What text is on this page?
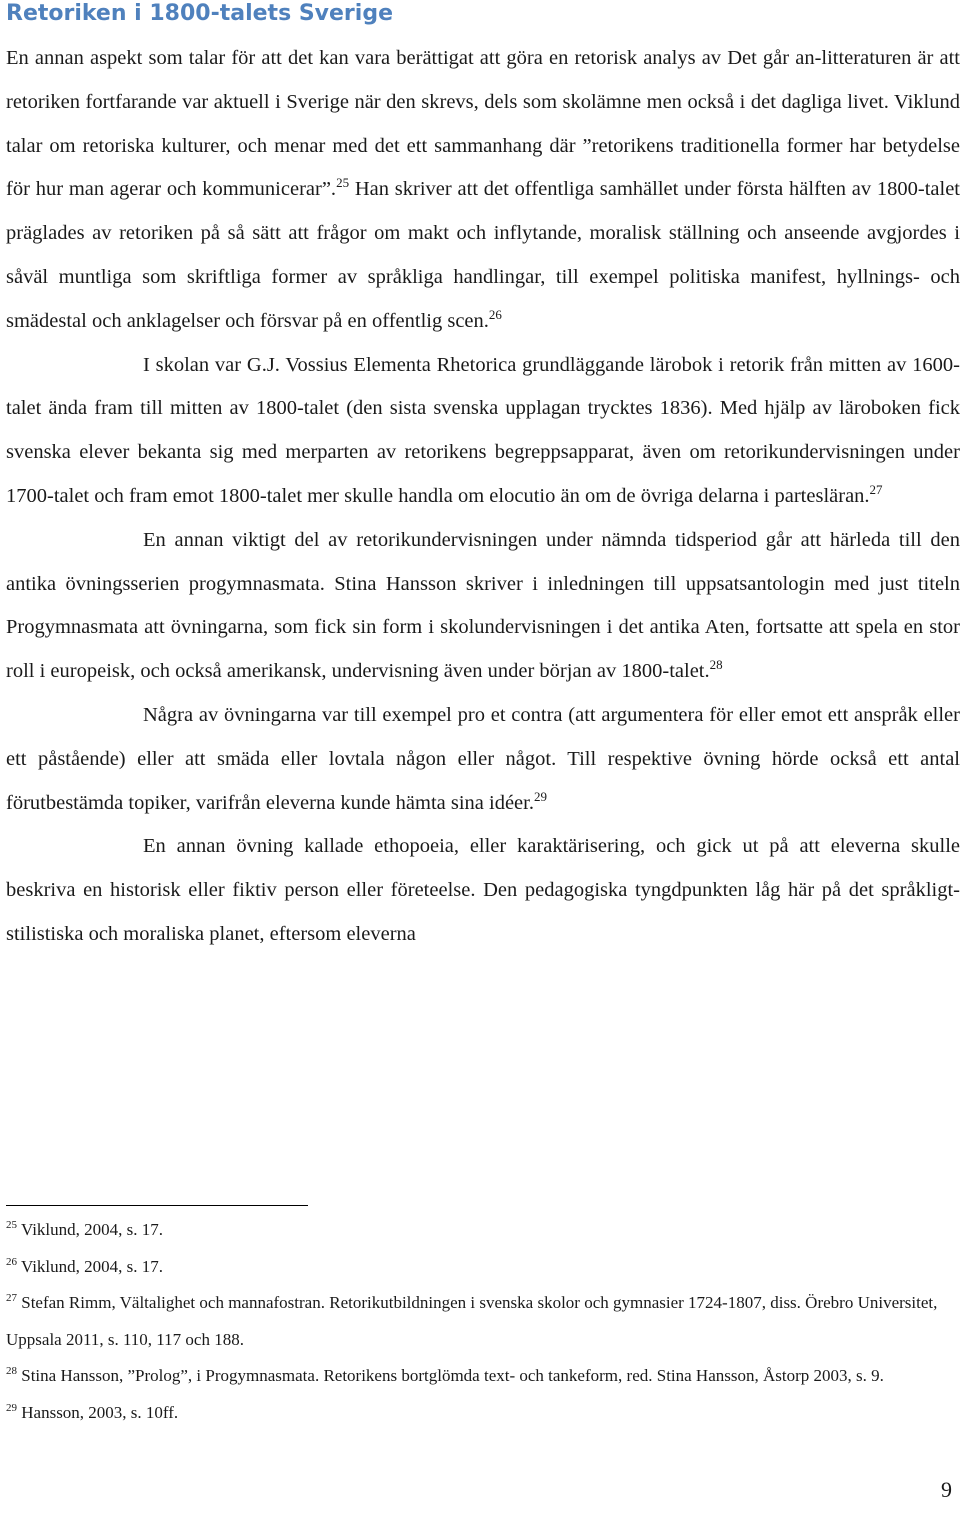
Retoriken i 1800-talets Sverige

En annan aspekt som talar för att det kan vara berättigat att göra en retorisk analys av Det går an-litteraturen är att retoriken fortfarande var aktuell i Sverige när den skrevs, dels som skolämne men också i det dagliga livet. Viklund talar om retoriska kulturer, och menar med det ett sammanhang där ”retorikens traditionella former har betydelse för hur man agerar och kommunicerar”.$^{25}$ Han skriver att det offentliga samhället under första hälften av 1800-talet präglades av retoriken på så sätt att frågor om makt och inflytande, moralisk ställning och anseende avgjordes i såväl muntliga som skriftliga former av språkliga handlingar, till exempel politiska manifest, hyllnings- och smädestal och anklagelser och försvar på en offentlig scen.$^{26}$

I skolan var G.J. Vossius Elementa Rhetorica grundläggande lärobok i retorik från mitten av 1600-talet ända fram till mitten av 1800-talet (den sista svenska upplagan trycktes 1836). Med hjälp av läroboken fick svenska elever bekanta sig med merparten av retorikens begreppsapparat, även om retorikundervisningen under 1700-talet och fram emot 1800-talet mer skulle handla om elocutio än om de övriga delarna i partesläran.$^{27}$

En annan viktigt del av retorikundervisningen under nämnda tidsperiod går att härleda till den antika övningsserien progymnasmata. Stina Hansson skriver i inledningen till uppsatsantologin med just titeln Progymnasmata att övningarna, som fick sin form i skolundervisningen i det antika Aten, fortsatte att spela en stor roll i europeisk, och också amerikansk, undervisning även under början av 1800-talet.$^{28}$

Några av övningarna var till exempel pro et contra (att argumentera för eller emot ett anspråk eller ett påstående) eller att smäda eller lovtala någon eller något. Till respektive övning hörde också ett antal förutbestämda topiker, varifrån eleverna kunde hämta sina idéer.$^{29}$

En annan övning kallade ethopoeia, eller karaktärisering, och gick ut på att eleverna skulle beskriva en historisk eller fiktiv person eller företeelse. Den pedagogiska tyngdpunkten låg här på det språkligt-stilistiska och moraliska planet, eftersom eleverna

$^{25}$ Viklund, 2004, s. 17.

$^{26}$ Viklund, 2004, s. 17.

$^{27}$ Stefan Rimm, Vältalighet och mannafostran. Retorikutbildningen i svenska skolor och gymnasier 1724-1807, diss. Örebro Universitet, Uppsala 2011, s. 110, 117 och 188.

$^{28}$ Stina Hansson, ”Prolog”, i Progymnasmata. Retorikens bortglömda text- och tankeform, red. Stina Hansson, Åstorp 2003, s. 9.

$^{29}$ Hansson, 2003, s. 10ff.

9
